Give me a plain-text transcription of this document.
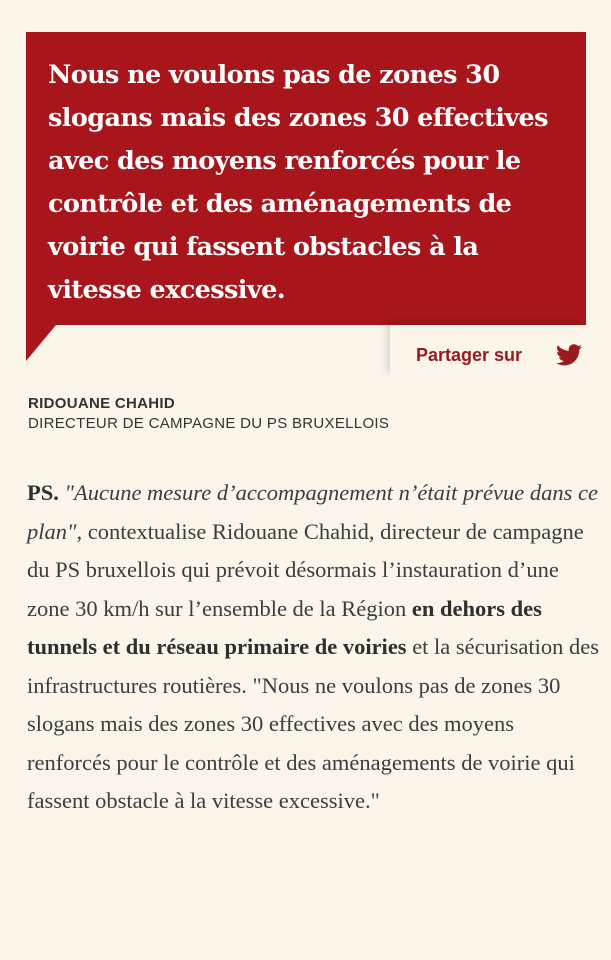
Nous ne voulons pas de zones 30 slogans mais des zones 30 effectives avec des moyens renforcés pour le contrôle et des aménagements de voirie qui fassent obstacles à la vitesse excessive.

Partager sur
RIDOUANE CHAHID
DIRECTEUR DE CAMPAGNE DU PS BRUXELLOIS

PS. "Aucune mesure d’accompagnement n’était prévue dans ce plan", contextualise Ridouane Chahid, directeur de campagne du PS bruxellois qui prévoit désormais l’instauration d’une zone 30 km/h sur l’ensemble de la Région en dehors des tunnels et du réseau primaire de voiries et la sécurisation des infrastructures routières. "Nous ne voulons pas de zones 30 slogans mais des zones 30 effectives avec des moyens renforcés pour le contrôle et des aménagements de voirie qui fassent obstacle à la vitesse excessive."
